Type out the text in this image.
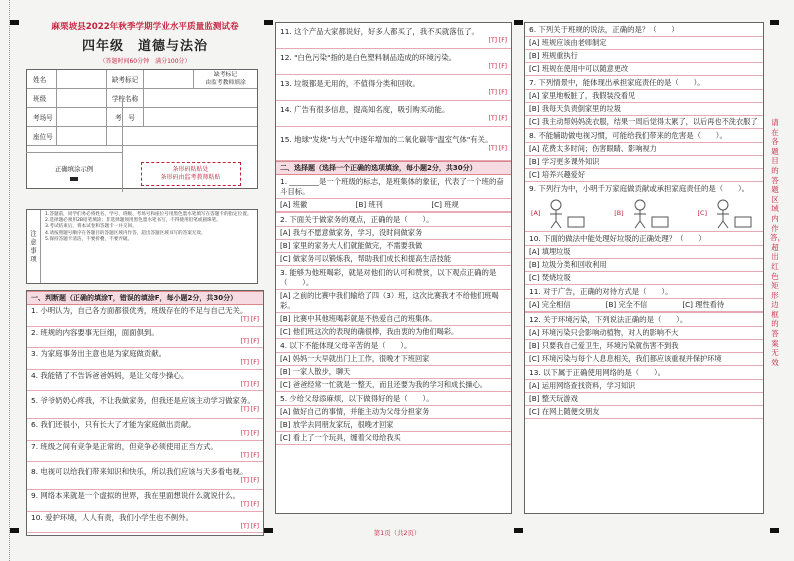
麻栗坡县2022年秋季学期学业水平质量监测试卷
四年级　道德与法治
（答题时间60分钟　满分100分）
姓名	缺考标记
缺考标记
由监考教师填涂
班级	学校名称
考场号	考　号
座位号
条形码粘贴处
条形码由监考教师粘贴
正确填涂示例
注意事项
1.答题前，同学们务必将姓名、学号、班级、考场号和座位号用黑色墨水笔填写在答题卡的指定位置。
2.选择题必须用2B铅笔填涂；非选择题须用黑色墨水笔书写，不得使用铅笔或圆珠笔。
3.考试结束后，将本试卷和答题卡一并交回。
4.请按照题号顺序在各题目的答题区域内作答，超出答题区域书写的答案无效。
5.保持答题卡清洁，不要折叠，不要弄破。
一、判断题（正确的填涂T，错误的填涂F，每小题2分，共30分）
1. 小明认为，自己各方面都很优秀，班级存在的不足与自己无关。
[T] [F]
2. 班规的内容要事无巨细，面面俱到。
[T] [F]
3. 为家庭事务出主意也是为家庭做贡献。
[T] [F]
4. 我能错了不告诉爸爸妈妈，是让父母少操心。
[T] [F]
5. 爷爷奶奶心疼我，不让我做家务，但我还是应该主动学习做家务。
[T] [F]
6. 我们还很小，只有长大了才能为家庭做出贡献。
[T] [F]
7. 班级之间有竞争是正常的，但竞争必须使用正当方式。
[T] [F]
8. 电视可以给我们带来知识和快乐，所以我们应该与天多看电视。
[T] [F]
9. 网络本来就是一个虚拟的世界，我在里面想说什么就说什么。
[T] [F]
10. 爱护环境，人人有责，我们小学生也不例外。
[T] [F]
11. 这个产品大家都说好，好多人都买了，我不买就落伍了。
[T] [F]
12. "白色污染"指的是白色塑料制品造成的环境污染。
[T] [F]
13. 垃圾都是无用的，不值得分类和回收。
[T] [F]
14. 广告有很多信息，提高知名度，吸引购买动能。
[T] [F]
15. 地球"发烧"与大气中逐年增加的二氧化碳等"温室气体"有关。
[T] [F]
二、选择题（选择一个正确的选项填涂，每小题2分，共30分）
1. ________是一个班级的标志，是班集体的象征，代表了一个班的奋斗目标。
[A] 班徽	[B] 班刊	[C] 班规
2. 下面关于做家务的观点，正确的是（　　）。
[A] 我与不愿意做家务，学习，没时间做家务
[B] 家里的家务大人们就能做完，不需要我做
[C] 做家务可以锻炼我，帮助我们成长和提高生活技能
3. 能够为他班喝彩，就是对他们的认可和赞赏，以下观点正确的是（　　）。
[A] 之前的比赛中我们输给了四（3）班，这次比赛我才不给他们班喝彩。
[B] 比赛中其他班喝彩就是不热爱自己的班集体。
[C] 他们班这次的表现的确很棒，我由衷的为他们喝彩。
4. 以下不能体现父母辛苦的是（　　）。
[A] 妈妈一大早就出门上工作，很晚才下班回家
[B] 一家人散步，聊天
[C] 爸爸经常一忙就是一整天，而且还要为我的学习和成长操心。
5. 少给父母添麻烦，以下做得好的是（　　）。
[A] 做好自己的事情，并能主动为父母分担家务
[B] 放学去同朋友家玩，很晚才回家
[C] 看上了一个玩具，缠着父母给我买
6. 下列关于班规的说法，正确的是？（　　）
[A] 班规应该由老师制定
[B] 班规重执行
[C] 班规在使用中可以随意更改
7. 下列情景中，能体现出承担家庭责任的是（　　）。
[A] 家里地板脏了，我假装没看见
[B] 我每天负责倒家里的垃圾
[C] 我主动帮妈妈洗衣服，结果一周后觉得太累了，以后再也不洗衣服了
8. 不能辅助做电视习惯，可能给我们带来的危害是（　　）。
[A] 花费太多时间；伤害眼睛、影响视力
[B] 学习更多课外知识
[C] 培养兴趣爱好
9. 下列行为中，小明千万家庭做贡献或承担家庭责任的是（　　）。
[A]	[B]	[C]
10. 下面的做法中能处理好垃圾的正确处理？（　　）
[A] 填埋垃圾
[B] 垃圾分类和回收利用
[C] 焚烧垃圾
11. 对于广告，正确的对待方式是（　　）。
[A] 完全相信	[B] 完全不信	[C] 理性看待
12. 关于环境污染，下列说法正确的是（　　）。
[A] 环境污染只会影响动植物，对人的影响不大
[B] 只要我自己爱卫生，环境污染就伤害不到我
[C] 环境污染与每个人息息相关，我们都应该重视并保护环境
13. 以下属于正确使用网络的是（　　）。
[A] 运用网络查找资料，学习知识
[B] 整天玩游戏
[C] 在网上随便交朋友
请在各题目的答题区域内作答，超出红色矩形边框的答案无效
第1页（共2页）
